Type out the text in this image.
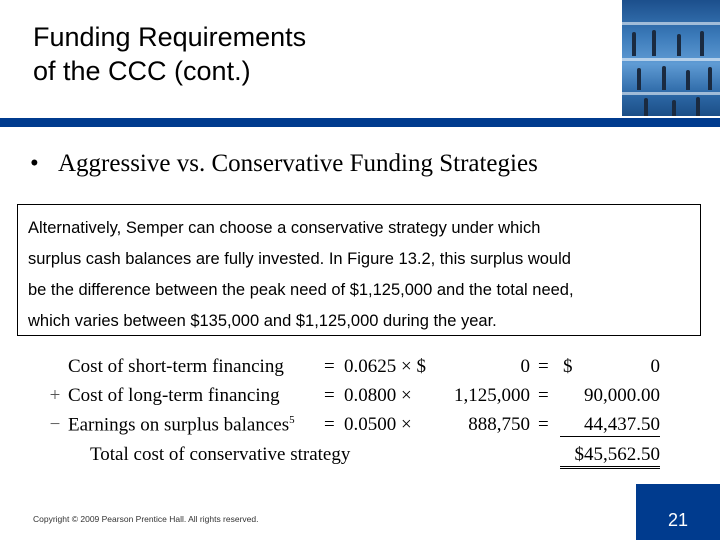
Funding Requirements
of the CCC (cont.)
• Aggressive vs. Conservative Funding Strategies
Alternatively, Semper can choose a conservative strategy under which
surplus cash balances are fully invested. In Figure 13.2, this surplus would
be the difference between the peak need of $1,125,000 and the total need,
which varies between $135,000 and $1,125,000 during the year.
Cost of short-term financing = 0.0625 × $	0 = $	0
+ Cost of long-term financing = 0.0800 ×	1,125,000 =	90,000.00
− Earnings on surplus balances$^5$ = 0.0500 ×	888,750 =	44,437.50
Total cost of conservative strategy	$45,562.50
Copyright © 2009 Pearson Prentice Hall. All rights reserved.	21
